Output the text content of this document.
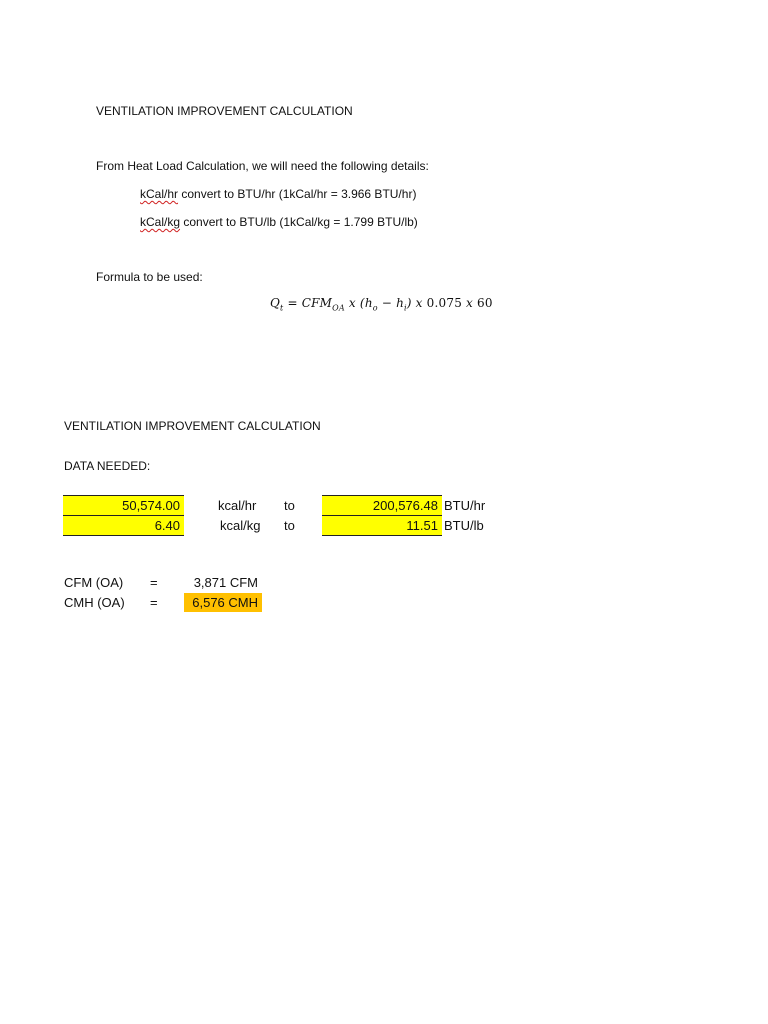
VENTILATION IMPROVEMENT CALCULATION
From Heat Load Calculation, we will need the following details:
kCal/hr convert to BTU/hr (1kCal/hr = 3.966 BTU/hr)
kCal/kg convert to BTU/lb (1kCal/kg = 1.799 BTU/lb)
Formula to be used:
$Q_t = CFM_{OA}$ x $(h_o - h_i)$ x 0.075 x 60
VENTILATION IMPROVEMENT CALCULATION
DATA NEEDED:
50,574.00	kcal/hr to	200,576.48 BTU/hr
6.40	kcal/kg to	11.51 BTU/lb
CFM (OA) =	3,871 CFM
CMH (OA) =	6,576 CMH
